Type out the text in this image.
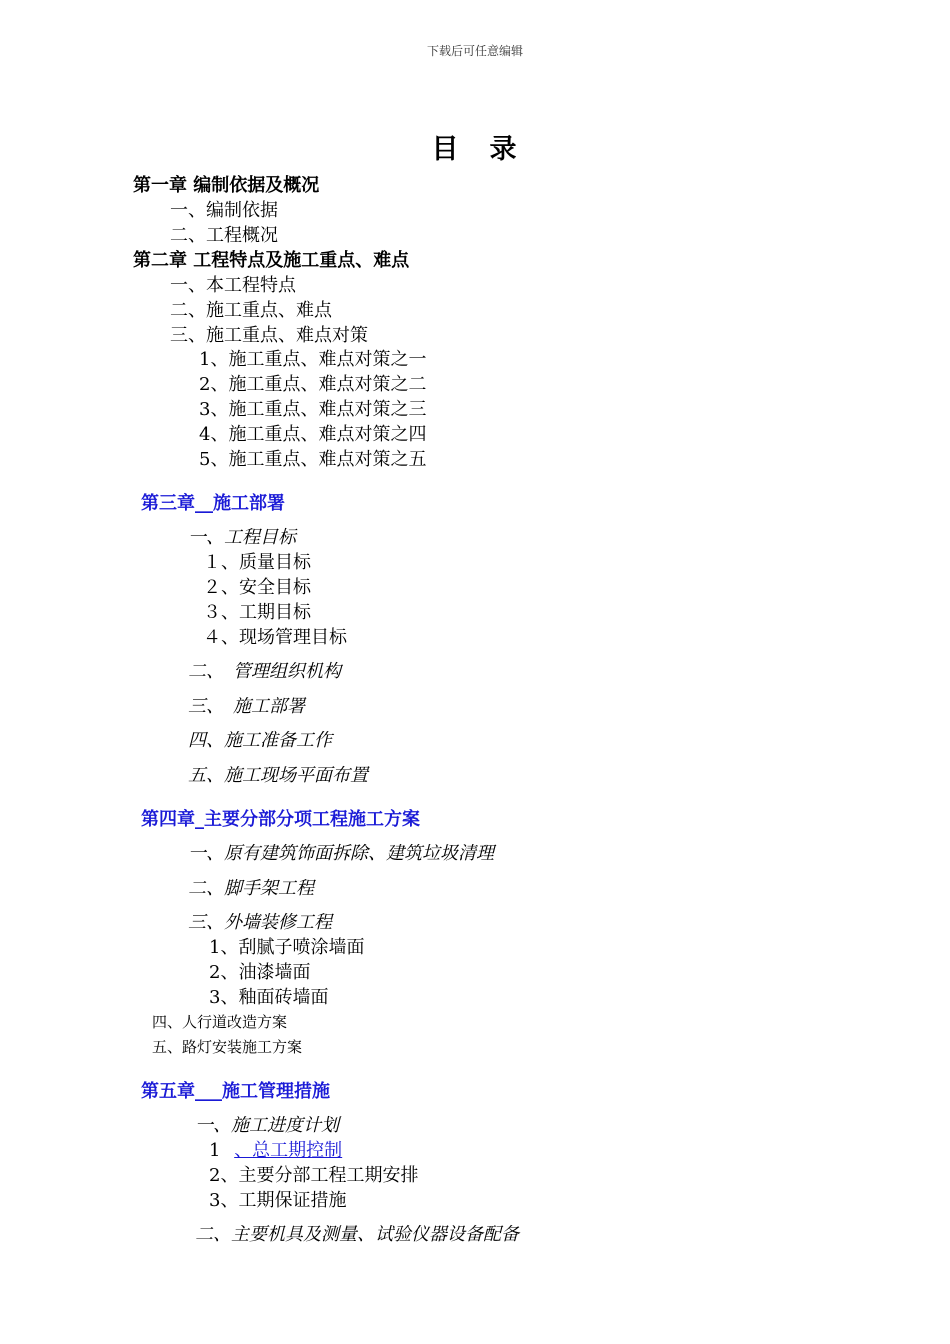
下载后可任意编辑
目　录
第一章 编制依据及概况
一、编制依据
二、工程概况
第二章 工程特点及施工重点、难点
一、本工程特点
二、施工重点、难点
三、施工重点、难点对策
1、施工重点、难点对策之一
2、施工重点、难点对策之二
3、施工重点、难点对策之三
4、施工重点、难点对策之四
5、施工重点、难点对策之五
第三章__施工部署
一、工程目标
１、质量目标
２、安全目标
３、工期目标
４、现场管理目标
二、　管理组织机构
三、　施工部署
四、施工准备工作
五、施工现场平面布置
第四章_主要分部分项工程施工方案
一、原有建筑饰面拆除、建筑垃圾清理
二、脚手架工程
三、外墙装修工程
1、刮腻子喷涂墙面
2、油漆墙面
3、釉面砖墙面
四、人行道改造方案
五、路灯安装施工方案
第五章___施工管理措施
一、施工进度计划
1 、总工期控制
2、主要分部工程工期安排
3、工期保证措施
二、主要机具及测量、试验仪器设备配备
